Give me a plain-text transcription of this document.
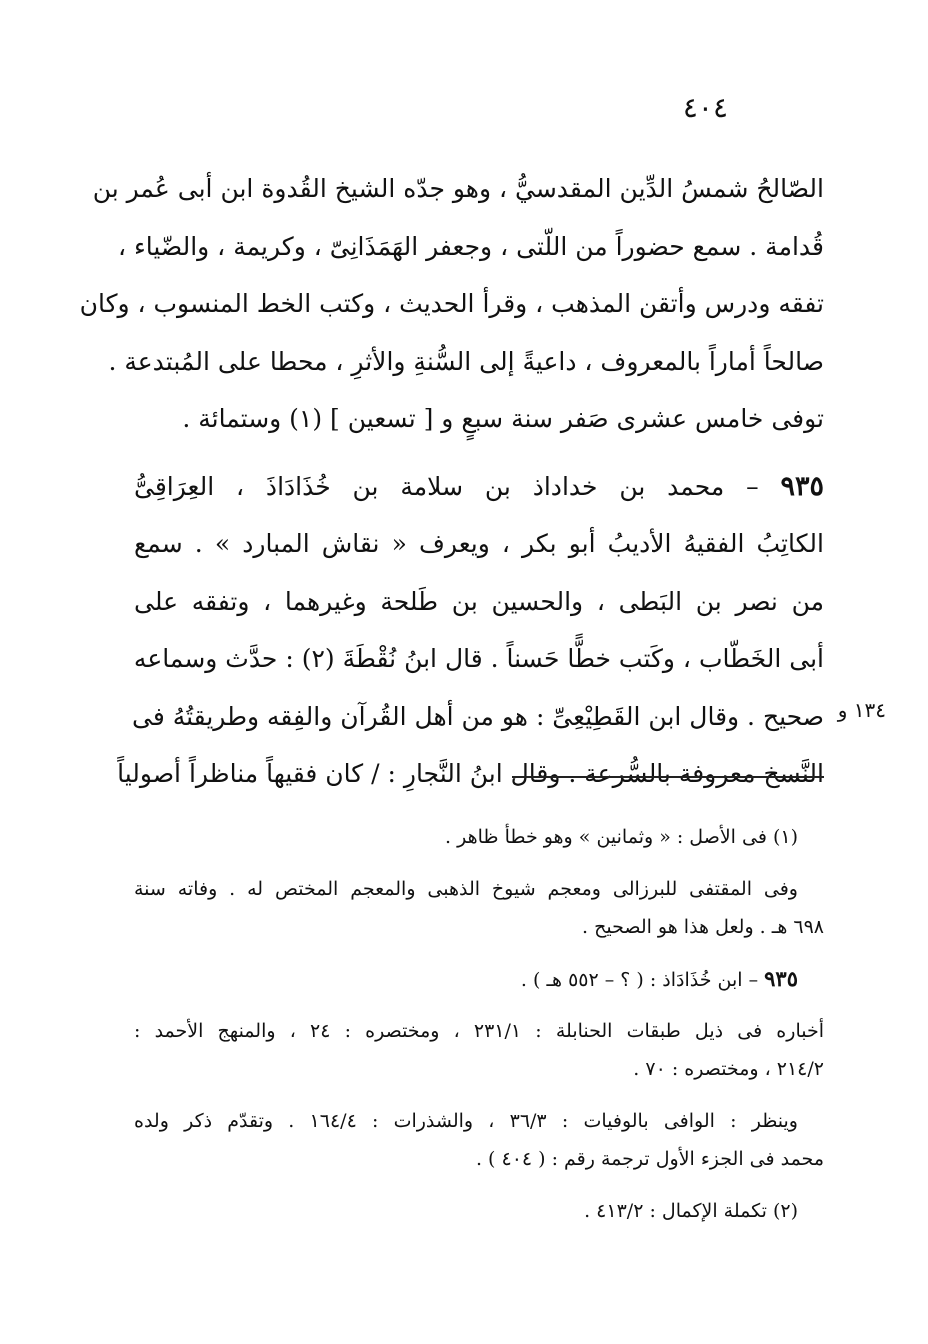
٤٠٤
الصّالحُ شمسُ الدِّين المقدسيُّ ، وهو جدّه الشيخ القُدوة ابن أبى عُمر بن
قُدامة . سمع حضوراً من اللّتى ، وجعفر الهَمَذَانِىّ ، وكريمة ، والضّياء ،
تفقه ودرس وأتقن المذهب ، وقرأ الحديث ، وكتب الخط المنسوب ، وكان
صالحاً أماراً بالمعروف ، داعيةً إلى السُّنةِ والأثرِ ، محطا على المُبتدعة .
توفى خامس عشرى صَفر سنة سبعٍ و [ تسعين ] (١) وستمائة .
٩٣٥ – محمد بن خداداذ بن سلامة بن خُذَادَاذَ ، العِرَاقِىُّ
الكاتِبُ الفقيهُ الأديبُ أبو بكر ، ويعرف « نقاش المبارد » . سمع
من نصر بن البَطى ، والحسين بن طَلحة وغيرهما ، وتفقه على
أبى الخَطّاب ، وكَتب خطًّا حَسناً . قال ابنُ نُقْطَةَ (٢) : حدَّث وسماعه
صحيح . وقال ابن القَطِيْعِىِّ : هو من أهل القُرآن والفِقه وطريقتُهُ فى
النَّسخ معروفة بالسُّرعة . وقال ابنُ النَّجارِ : / كان فقيهاً مناظراً أصولياً
١٣٤ و
(١) فى الأصل : « وثمانين » وهو خطأ ظاهر .
وفى المقتفى للبرزالى ومعجم شيوخ الذهبى والمعجم المختص له . وفاته سنة
٦٩٨ هـ . ولعل هذا هو الصحيح .
٩٣٥ – ابن خُذَادَاذ : ( ؟ – ٥٥٢ هـ ) .
أخباره فى ذيل طبقات الحنابلة : ٢٣١/١ ، ومختصره : ٢٤ ، والمنهج الأحمد :
٢١٤/٢ ، ومختصره : ٧٠ .
وينظر : الوافى بالوفيات : ٣٦/٣ ، والشذرات : ١٦٤/٤ . وتقدّم ذكر ولده
محمد فى الجزء الأول ترجمة رقم : ( ٤٠٤ ) .
(٢) تكملة الإكمال : ٤١٣/٢ .
